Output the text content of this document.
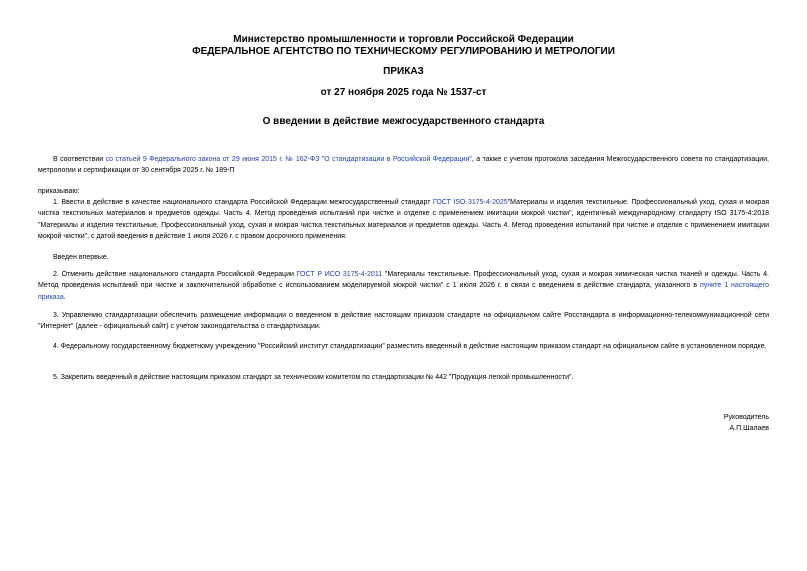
Министерство промышленности и торговли Российской Федерации
ФЕДЕРАЛЬНОЕ АГЕНТСТВО ПО ТЕХНИЧЕСКОМУ РЕГУЛИРОВАНИЮ И МЕТРОЛОГИИ
ПРИКАЗ
от 27 ноября 2025 года № 1537-ст
О введении в действие межгосударственного стандарта
В соответствии со статьей 9 Федерального закона от 29 июня 2015 г. № 162-ФЗ "О стандартизации в Российской Федерации", а также с учетом протокола заседания Межгосударственного совета по стандартизации, метрологии и сертификации от 30 сентября 2025 г. № 189-П
приказываю:
1. Ввести в действие в качестве национального стандарта Российской Федерации межгосударственный стандарт ГОСТ ISO 3175-4-2025"Материалы и изделия текстильные. Профессиональный уход, сухая и мокрая чистка текстильных материалов и предметов одежды. Часть 4. Метод проведения испытаний при чистке и отделке с применением имитации мокрой чистки", идентичный международному стандарту ISO 3175-4:2018 "Материалы и изделия текстильные. Профессиональный уход, сухая и мокрая чистка текстильных материалов и предметов одежды. Часть 4. Метод проведения испытаний при чистке и отделке с применением имитации мокрой чистки", с датой введения в действие 1 июля 2026 г. с правом досрочного применения.
Введен впервые.
2. Отменить действие национального стандарта Российской Федерации ГОСТ Р ИСО 3175-4-2011 "Материалы текстильные. Профессиональный уход, сухая и мокрая химическая чистка тканей и одежды. Часть 4. Метод проведения испытаний при чистке и заключительной обработке с использованием моделируемой мокрой чистки" с 1 июля 2026 г. в связи с введением в действие стандарта, указанного в пункте 1 настоящего приказа.
3. Управлению стандартизации обеспечить размещение информации о введенном в действие настоящим приказом стандарте на официальном сайте Росстандарта в информационно-телекоммуникационной сети "Интернет" (далее - официальный сайт) с учетом законодательства о стандартизации.
4. Федеральному государственному бюджетному учреждению "Российский институт стандартизации" разместить введенный в действие настоящим приказом стандарт на официальном сайте в установленном порядке.
5. Закрепить введенный в действие настоящим приказом стандарт за техническим комитетом по стандартизации № 442 "Продукция легкой промышленности".
Руководитель
А.П.Шалаев
